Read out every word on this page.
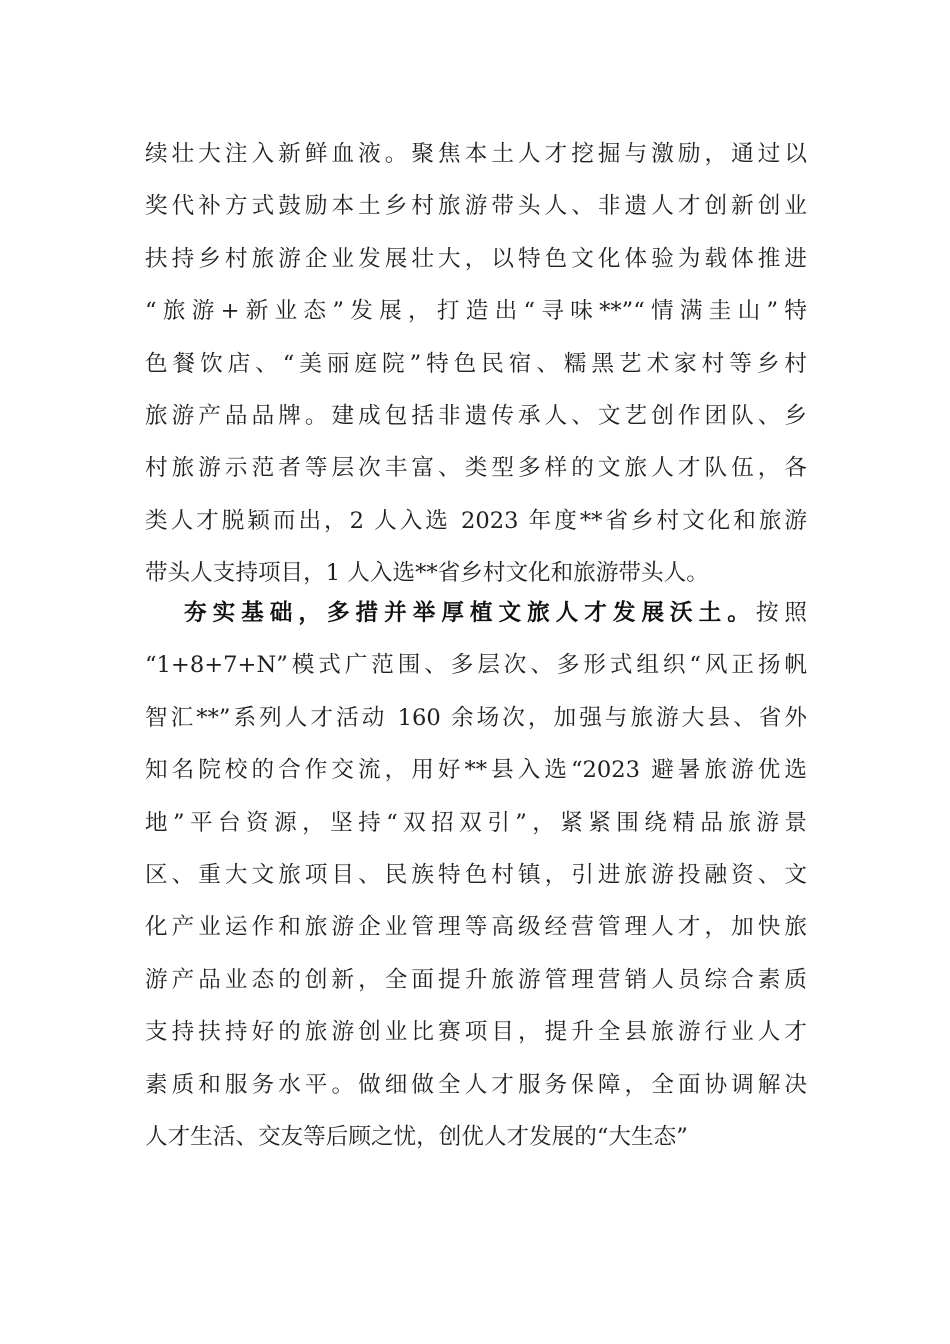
续壮大注入新鲜血液。聚焦本土人才挖掘与激励，通过以
奖代补方式鼓励本土乡村旅游带头人、非遗人才创新创业
扶持乡村旅游企业发展壮大，以特色文化体验为载体推进
“旅游+新业态”发展，打造出“寻味**”“情满圭山”特
色餐饮店、“美丽庭院”特色民宿、糯黑艺术家村等乡村
旅游产品品牌。建成包括非遗传承人、文艺创作团队、乡
村旅游示范者等层次丰富、类型多样的文旅人才队伍，各
类人才脱颖而出，2 人入选 2023 年度**省乡村文化和旅游
带头人支持项目，1 人入选**省乡村文化和旅游带头人。
夯实基础，多措并举厚植文旅人才发展沃土。按照
“1+8+7+N”模式广范围、多层次、多形式组织“风正扬帆
智汇**”系列人才活动 160 余场次，加强与旅游大县、省外
知名院校的合作交流，用好**县入选“2023 避暑旅游优选
地”平台资源，坚持“双招双引”，紧紧围绕精品旅游景
区、重大文旅项目、民族特色村镇，引进旅游投融资、文
化产业运作和旅游企业管理等高级经营管理人才，加快旅
游产品业态的创新，全面提升旅游管理营销人员综合素质
支持扶持好的旅游创业比赛项目，提升全县旅游行业人才
素质和服务水平。做细做全人才服务保障，全面协调解决
人才生活、交友等后顾之忧，创优人才发展的“大生态”
